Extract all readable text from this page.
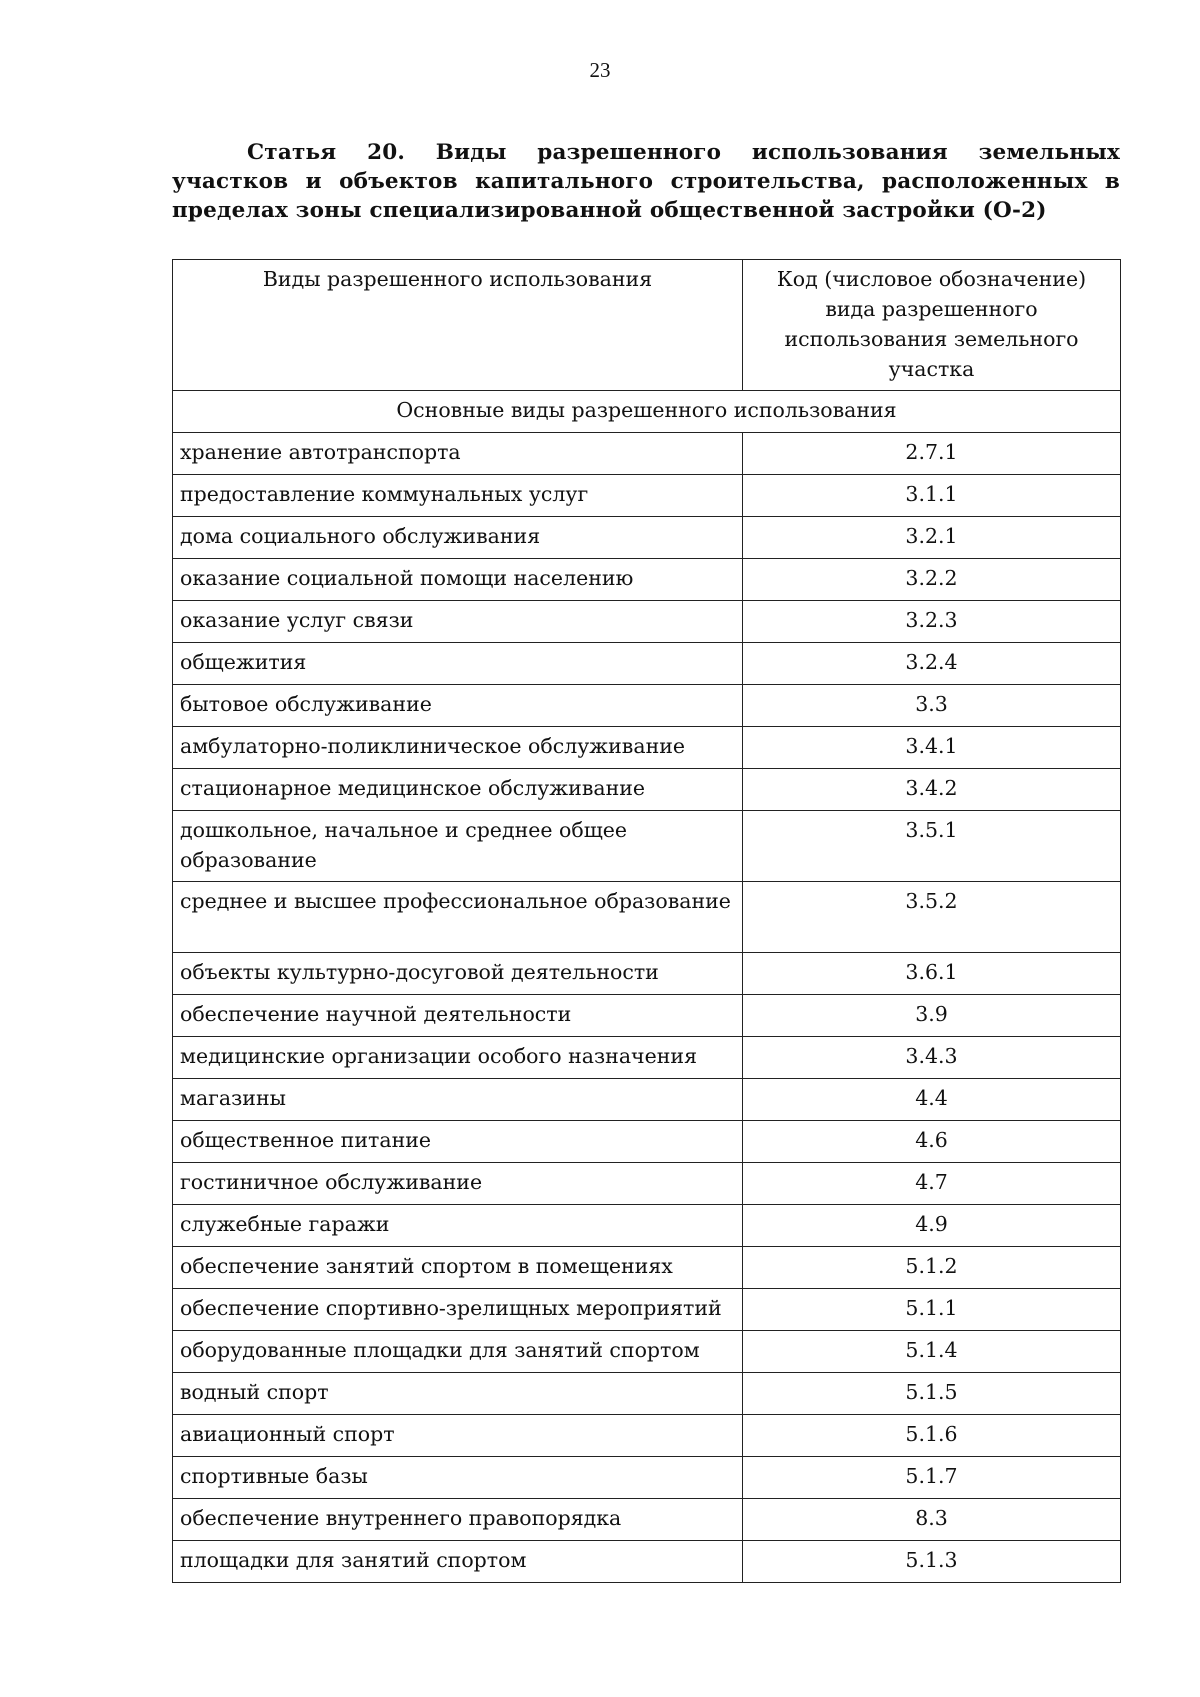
23
Статья 20. Виды разрешенного использования земельных участков и объектов капитального строительства, расположенных в пределах зоны специализированной общественной застройки (О-2)
Виды разрешенного использования	Код (числовое обозначение) вида разрешенного использования земельного участка
Основные виды разрешенного использования	
хранение автотранспорта	2.7.1
предоставление коммунальных услуг	3.1.1
дома социального обслуживания	3.2.1
оказание социальной помощи населению	3.2.2
оказание услуг связи	3.2.3
общежития	3.2.4
бытовое обслуживание	3.3
амбулаторно-поликлиническое обслуживание	3.4.1
стационарное медицинское обслуживание	3.4.2
дошкольное, начальное и среднее общее образование	3.5.1
среднее и высшее профессиональное образование	3.5.2
объекты культурно-досуговой деятельности	3.6.1
обеспечение научной деятельности	3.9
медицинские организации особого назначения	3.4.3
магазины	4.4
общественное питание	4.6
гостиничное обслуживание	4.7
служебные гаражи	4.9
обеспечение занятий спортом в помещениях	5.1.2
обеспечение спортивно-зрелищных мероприятий	5.1.1
оборудованные площадки для занятий спортом	5.1.4
водный спорт	5.1.5
авиационный спорт	5.1.6
спортивные базы	5.1.7
обеспечение внутреннего правопорядка	8.3
площадки для занятий спортом	5.1.3
